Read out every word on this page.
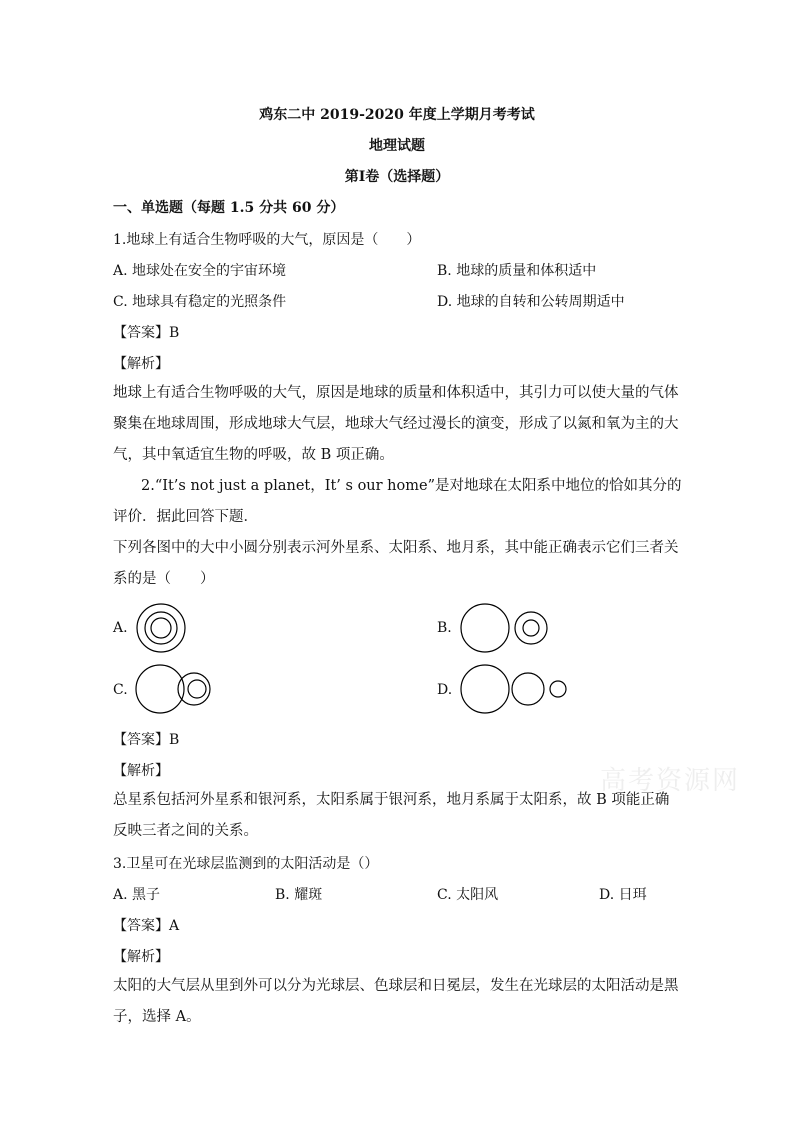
鸡东二中 2019-2020 年度上学期月考考试
地理试题
第Ⅰ卷（选择题）
一、单选题（每题 1.5 分共 60 分）
1.地球上有适合生物呼吸的大气，原因是（　　）
A. 地球处在安全的宇宙环境	B. 地球的质量和体积适中
C. 地球具有稳定的光照条件	D. 地球的自转和公转周期适中
【答案】B
【解析】
地球上有适合生物呼吸的大气，原因是地球的质量和体积适中，其引力可以使大量的气体聚集在地球周围，形成地球大气层，地球大气经过漫长的演变，形成了以氮和氧为主的大气，其中氧适宜生物的呼吸，故 B 项正确。
2.“It’s not just a planet，It’ s our home”是对地球在太阳系中地位的恰如其分的评价．据此回答下题．
下列各图中的大中小圆分别表示河外星系、太阳系、地月系，其中能正确表示它们三者关系的是（　　）
A.	B.
C.	D.
【答案】B
【解析】
总星系包括河外星系和银河系，太阳系属于银河系，地月系属于太阳系，故 B 项能正确反映三者之间的关系。
3.卫星可在光球层监测到的太阳活动是（）
A. 黑子	B. 耀斑	C. 太阳风	D. 日珥
【答案】A
【解析】
太阳的大气层从里到外可以分为光球层、色球层和日冕层，发生在光球层的太阳活动是黑子，选择 A。
高考资源网
